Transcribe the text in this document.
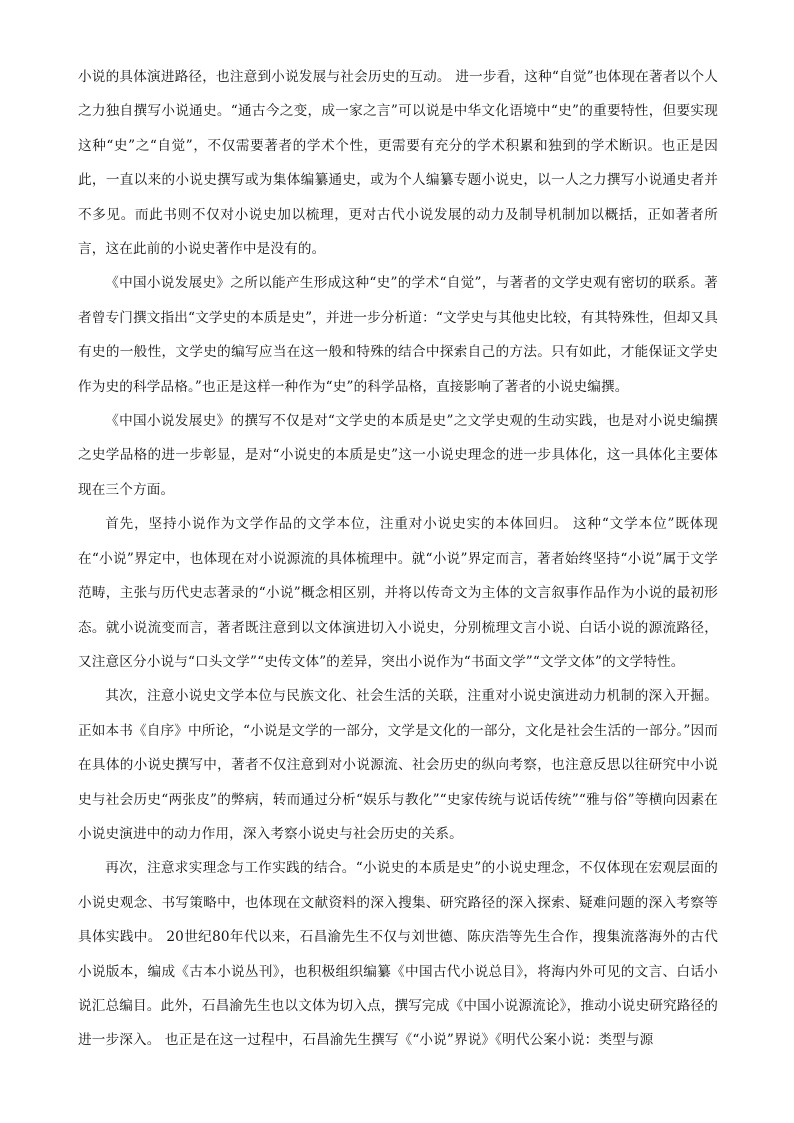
小说的具体演进路径，也注意到小说发展与社会历史的互动。 进一步看，这种“自觉”也体现在著者以个人之力独自撰写小说通史。“通古今之变，成一家之言”可以说是中华文化语境中“史”的重要特性，但要实现这种“史”之“自觉”，不仅需要著者的学术个性，更需要有充分的学术积累和独到的学术断识。也正是因此，一直以来的小说史撰写或为集体编纂通史，或为个人编纂专题小说史，以一人之力撰写小说通史者并不多见。而此书则不仅对小说史加以梳理，更对古代小说发展的动力及制导机制加以概括，正如著者所言，这在此前的小说史著作中是没有的。

《中国小说发展史》之所以能产生形成这种“史”的学术“自觉”，与著者的文学史观有密切的联系。著者曾专门撰文指出“文学史的本质是史”，并进一步分析道：“文学史与其他史比较，有其特殊性，但却又具有史的一般性，文学史的编写应当在这一般和特殊的结合中探索自己的方法。只有如此，才能保证文学史作为史的科学品格。”也正是这样一种作为“史”的科学品格，直接影响了著者的小说史编撰。

《中国小说发展史》的撰写不仅是对“文学史的本质是史”之文学史观的生动实践，也是对小说史编撰之史学品格的进一步彰显，是对“小说史的本质是史”这一小说史理念的进一步具体化，这一具体化主要体现在三个方面。

首先，坚持小说作为文学作品的文学本位，注重对小说史实的本体回归。 这种“文学本位”既体现在“小说”界定中，也体现在对小说源流的具体梳理中。就“小说”界定而言，著者始终坚持“小说”属于文学范畴，主张与历代史志著录的“小说”概念相区别，并将以传奇文为主体的文言叙事作品作为小说的最初形态。就小说流变而言，著者既注意到以文体演进切入小说史，分别梳理文言小说、白话小说的源流路径，又注意区分小说与“口头文学”“史传文体”的差异，突出小说作为“书面文学”“文学文体”的文学特性。

其次，注意小说史文学本位与民族文化、社会生活的关联，注重对小说史演进动力机制的深入开掘。正如本书《自序》中所论，“小说是文学的一部分，文学是文化的一部分，文化是社会生活的一部分。”因而在具体的小说史撰写中，著者不仅注意到对小说源流、社会历史的纵向考察，也注意反思以往研究中小说史与社会历史“两张皮”的弊病，转而通过分析“娱乐与教化”“史家传统与说话传统”“雅与俗”等横向因素在小说史演进中的动力作用，深入考察小说史与社会历史的关系。

再次，注意求实理念与工作实践的结合。“小说史的本质是史”的小说史理念，不仅体现在宏观层面的小说史观念、书写策略中，也体现在文献资料的深入搜集、研究路径的深入探索、疑难问题的深入考察等具体实践中。 20世纪80年代以来，石昌渝先生不仅与刘世德、陈庆浩等先生合作，搜集流落海外的古代小说版本，编成《古本小说丛刊》，也积极组织编纂《中国古代小说总目》，将海内外可见的文言、白话小说汇总编目。此外，石昌渝先生也以文体为切入点，撰写完成《中国小说源流论》，推动小说史研究路径的进一步深入。 也正是在这一过程中，石昌渝先生撰写《“小说”界说》《明代公案小说：类型与源
